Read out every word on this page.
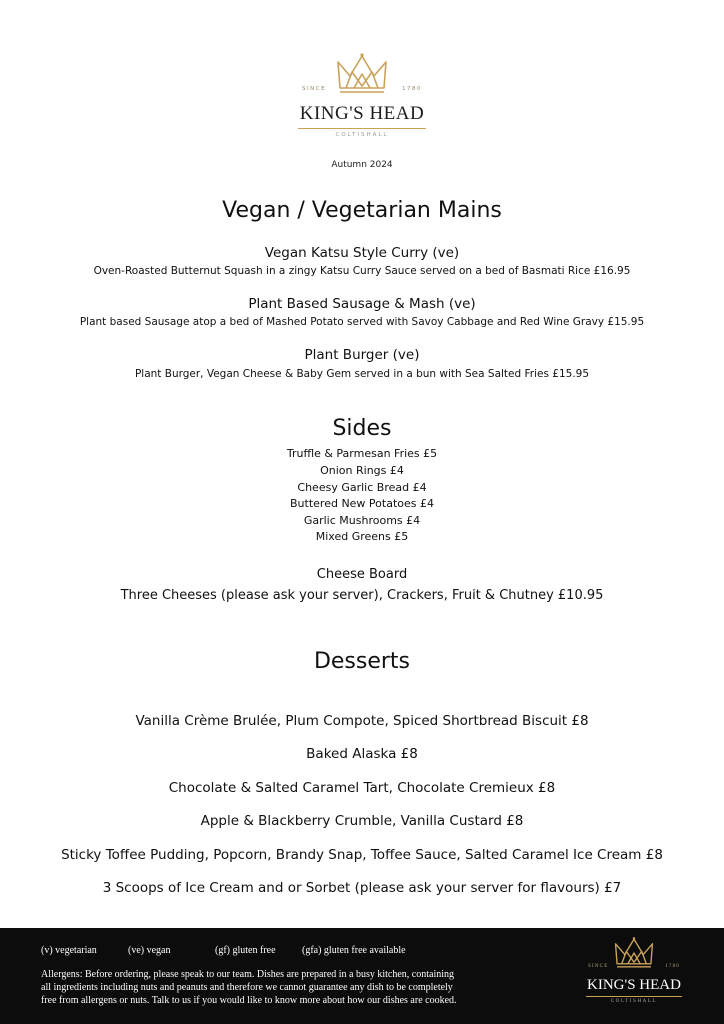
SINCE	1780
KING'S HEAD
COLTISHALL
Autumn 2024
Vegan / Vegetarian Mains
Vegan Katsu Style Curry (ve)
Oven-Roasted Butternut Squash in a zingy Katsu Curry Sauce served on a bed of Basmati Rice £16.95
Plant Based Sausage & Mash (ve)
Plant based Sausage atop a bed of Mashed Potato served with Savoy Cabbage and Red Wine Gravy £15.95
Plant Burger (ve)
Plant Burger, Vegan Cheese & Baby Gem served in a bun with Sea Salted Fries £15.95
Sides
Truffle & Parmesan Fries £5
Onion Rings £4
Cheesy Garlic Bread £4
Buttered New Potatoes £4
Garlic Mushrooms £4
Mixed Greens £5
Cheese Board
Three Cheeses (please ask your server), Crackers, Fruit & Chutney £10.95
Desserts
Vanilla Crème Brulée, Plum Compote, Spiced Shortbread Biscuit £8
Baked Alaska £8
Chocolate & Salted Caramel Tart, Chocolate Cremieux £8
Apple & Blackberry Crumble, Vanilla Custard £8
Sticky Toffee Pudding, Popcorn, Brandy Snap, Toffee Sauce, Salted Caramel Ice Cream £8
3 Scoops of Ice Cream and or Sorbet (please ask your server for flavours) £7
(v) vegetarian	(ve) vegan	(gf) gluten free	(gfa) gluten free available
Allergens: Before ordering, please speak to our team. Dishes are prepared in a busy kitchen, containing
all ingredients including nuts and peanuts and therefore we cannot guarantee any dish to be completely
free from allergens or nuts. Talk to us if you would like to know more about how our dishes are cooked.
SINCE	1780
KING'S HEAD
COLTISHALL
